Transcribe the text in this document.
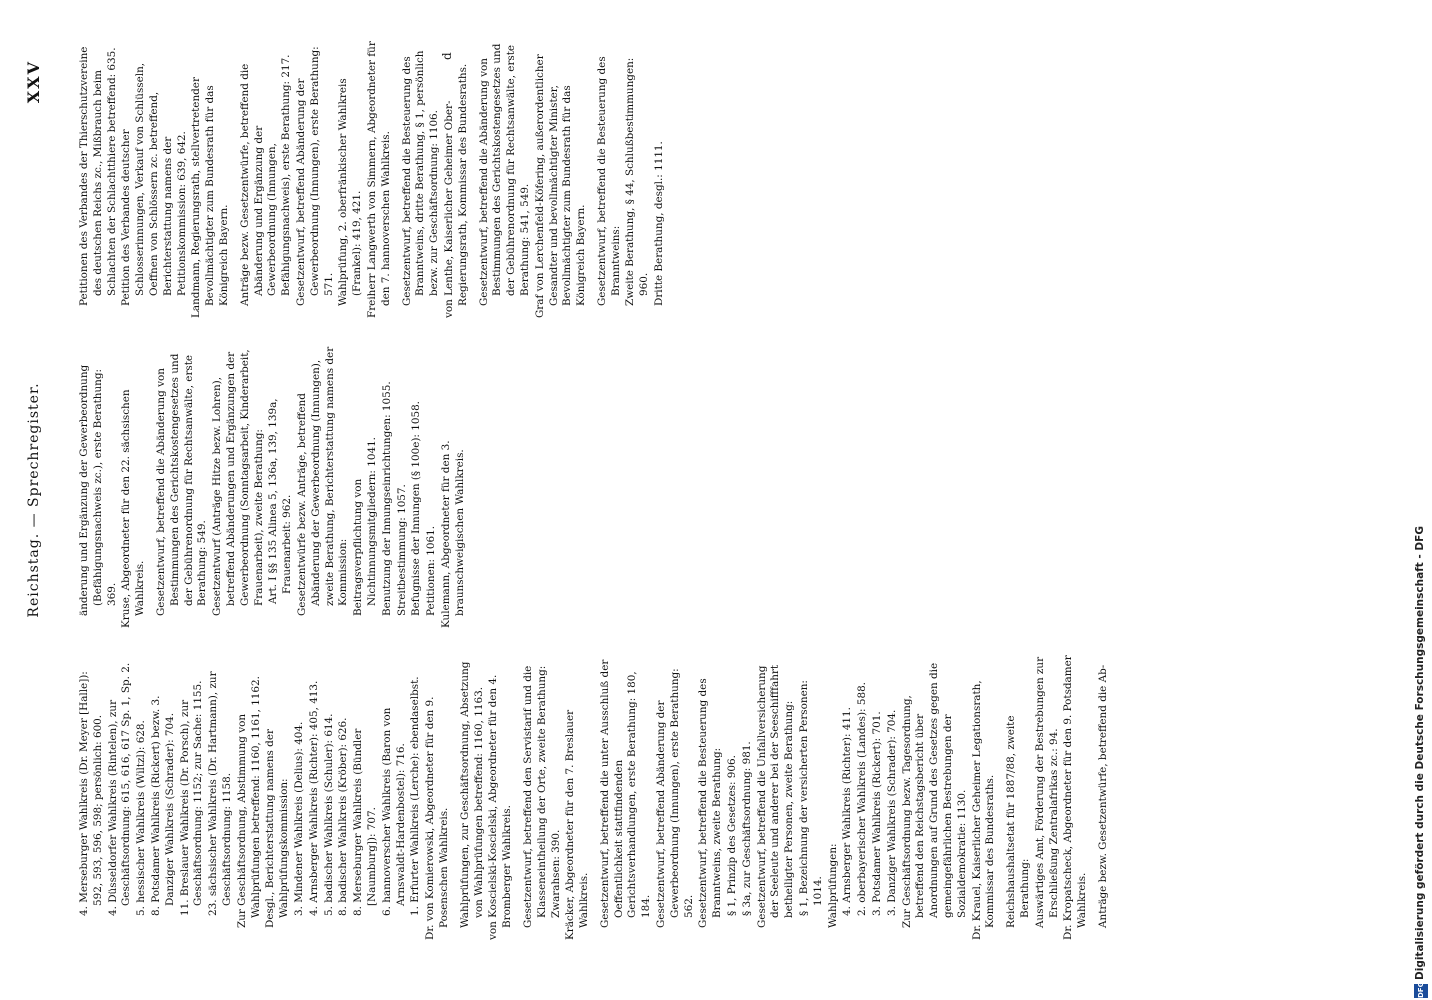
Reichstag. — Sprechregister.
XXV
4. Merseburger Wahlkreis (Dr. Meyer [Halle]): 592, 593, 596, 598; persönlich: 600. 4. Düsseldorfer Wahlkreis (Rintelen), zur Geschäftsordnung: 615, 616, 617 Sp. 1, Sp. 2. 5. hessischer Wahlkreis (Wiltzl): 628. 8. Potsdamer Wahlkreis (Rickert) bezw. 3. Danziger Wahlkreis (Schrader): 704. 11. Breslauer Wahlkreis (Dr. Porsch), zur Geschäftsordnung: 1152; zur Sache: 1155. 23. sächsischer Wahlkreis (Dr. Hartmann), zur Geschäftsordnung: 1158. Zur Geschäftsordnung, Abstimmung von Wahlprüfungen betreffend: 1160, 1161, 1162. Desgl., Berichterstattung namens der Wahlprüfungskommission: 3. Mindener Wahlkreis (Delius): 404. 4. Arnsberger Wahlkreis (Richter): 405, 413. 5. badischer Wahlkreis (Schuler): 614. 8. badischer Wahlkreis (Kröber): 626. 8. Merseburger Wahlkreis (Bündler [Naumburg]): 707. 6. hannoverscher Wahlkreis (Baron von Arnswaldt-Hardenbostel): 716. 1. Erfurter Wahlkreis (Lerche): ebendaselbst. Dr. von Komierowski, Abgeordneter für den 9. Posenschen Wahlkreis. Wahlprüfungen, zur Geschäftsordnung, Absetzung von Wahlprüfungen betreffend: 1160, 1163. von Koscielski-Koscielski, Abgeordneter für den 4. Bromberger Wahlkreis. Gesetzentwurf, betreffend den Servistarif und die Klasseneintheilung der Orte, zweite Berathung: Zwarahsen: 390. Kräcker, Abgeordneter für den 7. Breslauer Wahlkreis. Gesetzentwurf, betreffend die unter Ausschluß der Oeffentlichkeit stattfindenden Gerichtsverhandlungen, erste Berathung: 180, 184. Gesetzentwurf, betreffend Abänderung der Gewerbeordnung (Innungen), erste Berathung: 562. Gesetzentwurf, betreffend die Besteuerung des Branntweins, zweite Berathung: § 1, Prinzip des Gesetzes: 906. § 3a, zur Geschäftsordnung: 981. Gesetzentwurf, betreffend die Unfallversicherung der Seeleute und anderer bei der Seeschifffahrt betheiligter Personen, zweite Berathung: § 1, Bezeichnung der versicherten Personen: 1014. Wahlprüfungen: 4. Arnsberger Wahlkreis (Richter): 411. 2. oberbayerischer Wahlkreis (Landes): 588. 3. Potsdamer Wahlkreis (Rickert): 701. 3. Danziger Wahlkreis (Schrader): 704. Zur Geschäftsordnung bezw. Tagesordnung, betreffend den Reichstagsbericht über Anordnungen auf Grund des Gesetzes gegen die gemeingefährlichen Bestrebungen der Sozialdemokratie: 1130. Dr. Krauel, Kaiserlicher Geheimer Legationsrath, Kommissar des Bundesraths. Reichshaushaltsetat für 1887/88, zweite Berathung: Auswärtiges Amt, Förderung der Bestrebungen zur Erschließung Zentralafrikas zc.: 94. Dr. Kropatscheck, Abgeordneter für den 9. Potsdamer Wahlkreis. Anträge bezw. Gesetzentwürfe, betreffend die Ab-
änderung und Ergänzung der Gewerbeordnung (Befähigungsnachweis zc.), erste Berathung: 369. Kruse, Abgeordneter für den 22. sächsischen Wahlkreis. Gesetzentwurf, betreffend die Abänderung von Bestimmungen des Gerichtskostengesetzes und der Gebührenordnung für Rechtsanwälte, erste Berathung: 549. Gesetzentwurf (Anträge Hitze bezw. Lohren), betreffend Abänderungen und Ergänzungen der Gewerbeordnung (Sonntagsarbeit, Kinderarbeit, Frauenarbeit), zweite Berathung: Art. I §§ 135 Alinea 5, 136a, 139, 139a, Frauenarbeit: 962. Gesetzentwürfe bezw. Anträge, betreffend Abänderung der Gewerbeordnung (Innungen), zweite Berathung, Berichterstattung namens der Kommission: Beitragsverpflichtung von Nichtinnungsmitgliedern: 1041. Benutzung der Innungseinrichtungen: 1055. Streitbestimmung: 1057. Befugnisse der Innungen (§ 100e): 1058. Petitionen: 1061. Kulemann, Abgeordneter für den 3. braunschweigischen Wahlkreis.
Petitionen des Verbandes der Thierschutzvereine des deutschen Reichs zc., Mißbrauch beim Schlachten der Schlachtthiere betreffend: 635. Petition des Verbandes deutscher Schlosserinnungen, Verkauf von Schlüsseln, Oeffnen von Schlössern zc. betreffend, Berichterstattung namens der Petitionskommission: 639, 642. Landmann, Regierungsrath, stellvertretender Bevollmächtigter zum Bundesrath für das Königreich Bayern. Anträge bezw. Gesetzentwürfe, betreffend die Abänderung und Ergänzung der Gewerbeordnung (Innungen, Befähigungsnachweis), erste Berathung: 217. Gesetzentwurf, betreffend Abänderung der Gewerbeordnung (Innungen), erste Berathung: 571. Wahlprüfung, 2. oberfränkischer Wahlkreis (Frankel): 419, 421. Freiherr Langwerth von Simmern, Abgeordneter für den 7. hannoverschen Wahlkreis. Gesetzentwurf, betreffend die Besteuerung des Branntweins, dritte Berathung, § 1, persönlich bezw. zur Geschäftsordnung: 1106. von Lenthe, Kaiserlicher Geheimer Ober-Regierungsrath, Kommissar des Bundesraths. Gesetzentwurf, betreffend die Abänderung von Bestimmungen des Gerichtskostengesetzes und der Gebührenordnung für Rechtsanwälte, erste Berathung: 541, 549. Graf von Lerchenfeld-Köfering, außerordentlicher Gesandter und bevollmächtigter Minister, Bevollmächtigter zum Bundesrath für das Königreich Bayern. Gesetzentwurf, betreffend die Besteuerung des Branntweins: Zweite Berathung, § 44, Schlußbestimmungen: 960. Dritte Berathung, desgl.: 1111.
d
DFG
Digitalisierung gefördert durch die Deutsche Forschungsgemeinschaft - DFG
